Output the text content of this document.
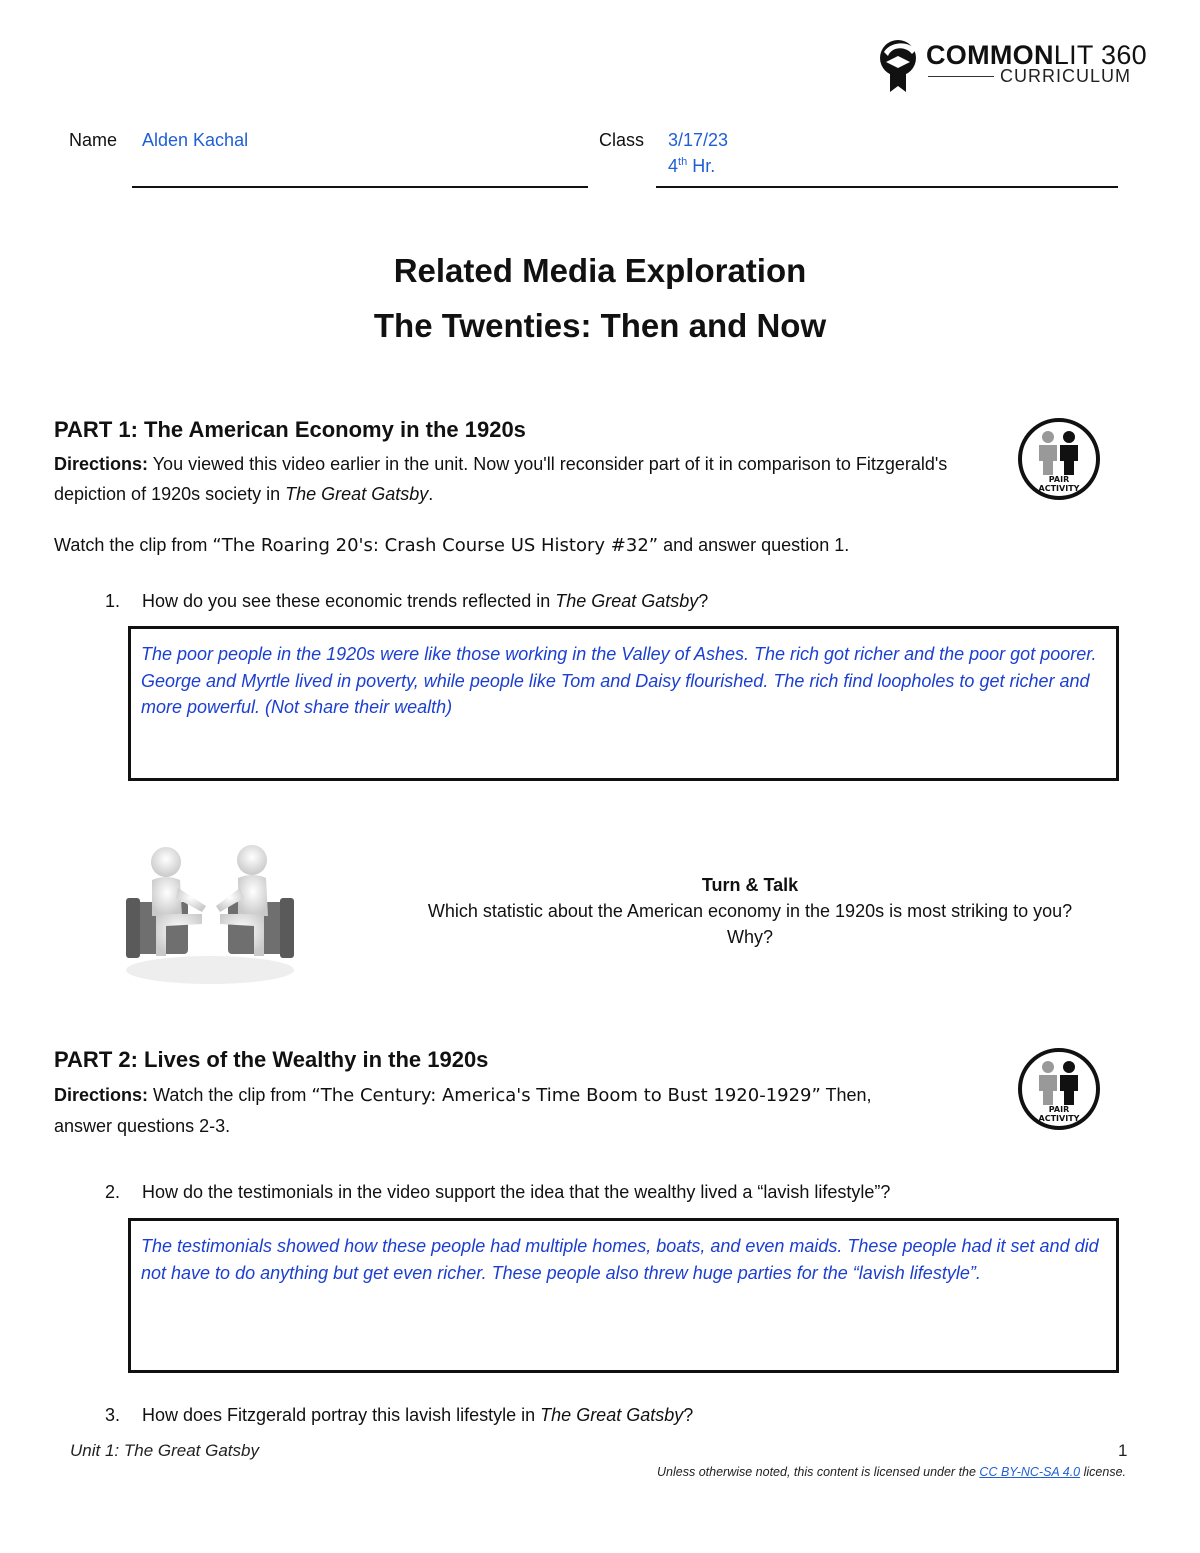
COMMONLIT 360
CURRICULUM
Name Alden Kachal	Class 3/17/23
4th Hr.
Related Media Exploration
The Twenties: Then and Now
PART 1: The American Economy in the 1920s
Directions: You viewed this video earlier in the unit. Now you'll reconsider part of it in comparison to Fitzgerald's depiction of 1920s society in The Great Gatsby.
PAIR
ACTIVITY
Watch the clip from “The Roaring 20's: Crash Course US History #32” and answer question 1.
1. How do you see these economic trends reflected in The Great Gatsby?
The poor people in the 1920s were like those working in the Valley of Ashes. The rich got richer and the poor got poorer. George and Myrtle lived in poverty, while people like Tom and Daisy flourished. The rich find loopholes to get richer and more powerful. (Not share their wealth)
Turn & Talk
Which statistic about the American economy in the 1920s is most striking to you?
Why?
PART 2: Lives of the Wealthy in the 1920s
Directions: Watch the clip from “The Century: America's Time Boom to Bust 1920-1929” Then,
answer questions 2-3.
PAIR
ACTIVITY
2. How do the testimonials in the video support the idea that the wealthy lived a “lavish lifestyle”?
The testimonials showed how these people had multiple homes, boats, and even maids. These people had it set and did not have to do anything but get even richer. These people also threw huge parties for the “lavish lifestyle”.
3. How does Fitzgerald portray this lavish lifestyle in The Great Gatsby?
Unit 1: The Great Gatsby	1
Unless otherwise noted, this content is licensed under the CC BY-NC-SA 4.0 license.
